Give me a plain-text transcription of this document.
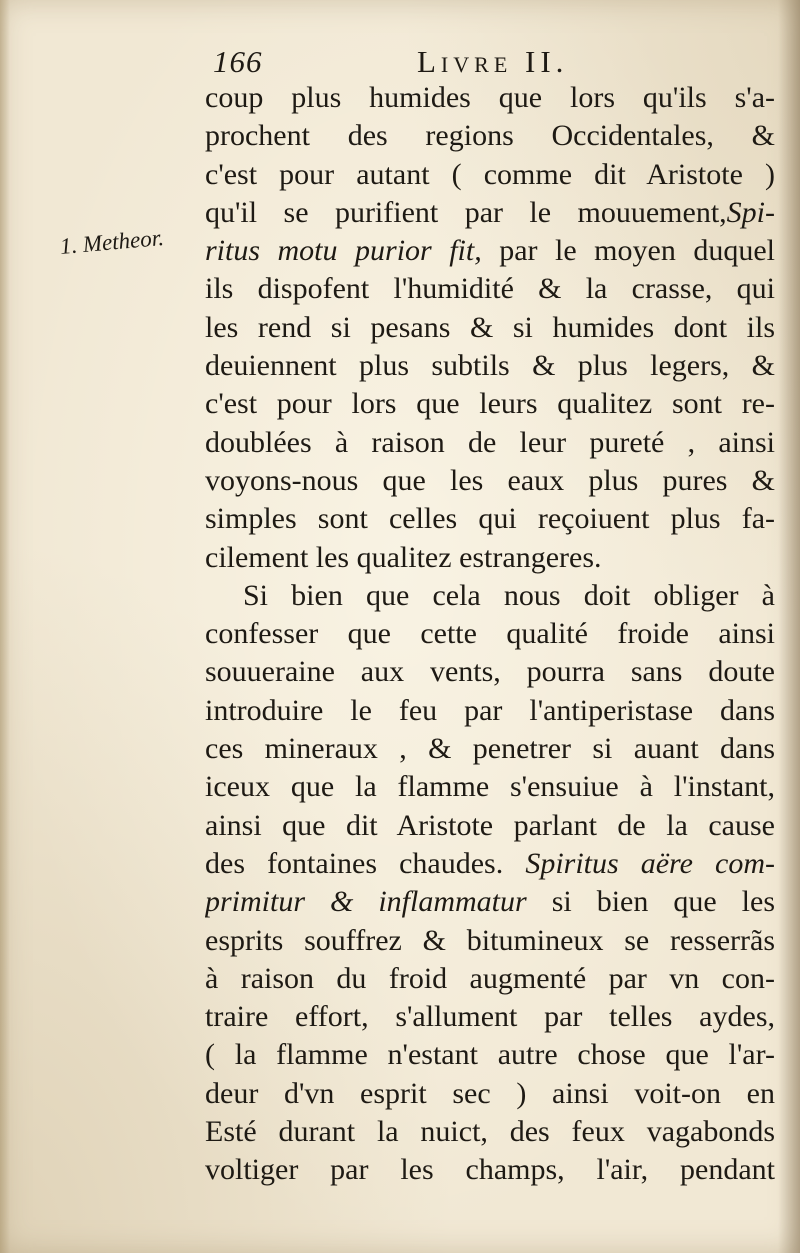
166	Livre II.
1. Metheor.
coup plus humides que lors qu'ils s'a-
prochent des regions Occidentales, &
c'est pour autant ( comme dit Aristote )
qu'il se purifient par le mouuement,Spi-
ritus motu purior fit, par le moyen duquel
ils dispofent l'humidité & la crasse, qui
les rend si pesans & si humides dont ils
deuiennent plus subtils & plus legers, &
c'est pour lors que leurs qualitez sont re-
doublées à raison de leur pureté , ainsi
voyons-nous que les eaux plus pures &
simples sont celles qui reçoiuent plus fa-
cilement les qualitez estrangeres.
Si bien que cela nous doit obliger à
confesser que cette qualité froide ainsi
souueraine aux vents, pourra sans doute
introduire le feu par l'antiperistase dans
ces mineraux , & penetrer si auant dans
iceux que la flamme s'ensuiue à l'instant,
ainsi que dit Aristote parlant de la cause
des fontaines chaudes. Spiritus aëre com-
primitur & inflammatur si bien que les
esprits souffrez & bitumineux se resserrãs
à raison du froid augmenté par vn con-
traire effort, s'allument par telles aydes,
( la flamme n'estant autre chose que l'ar-
deur d'vn esprit sec ) ainsi voit-on en
Esté durant la nuict, des feux vagabonds
voltiger par les champs, l'air, pendant
